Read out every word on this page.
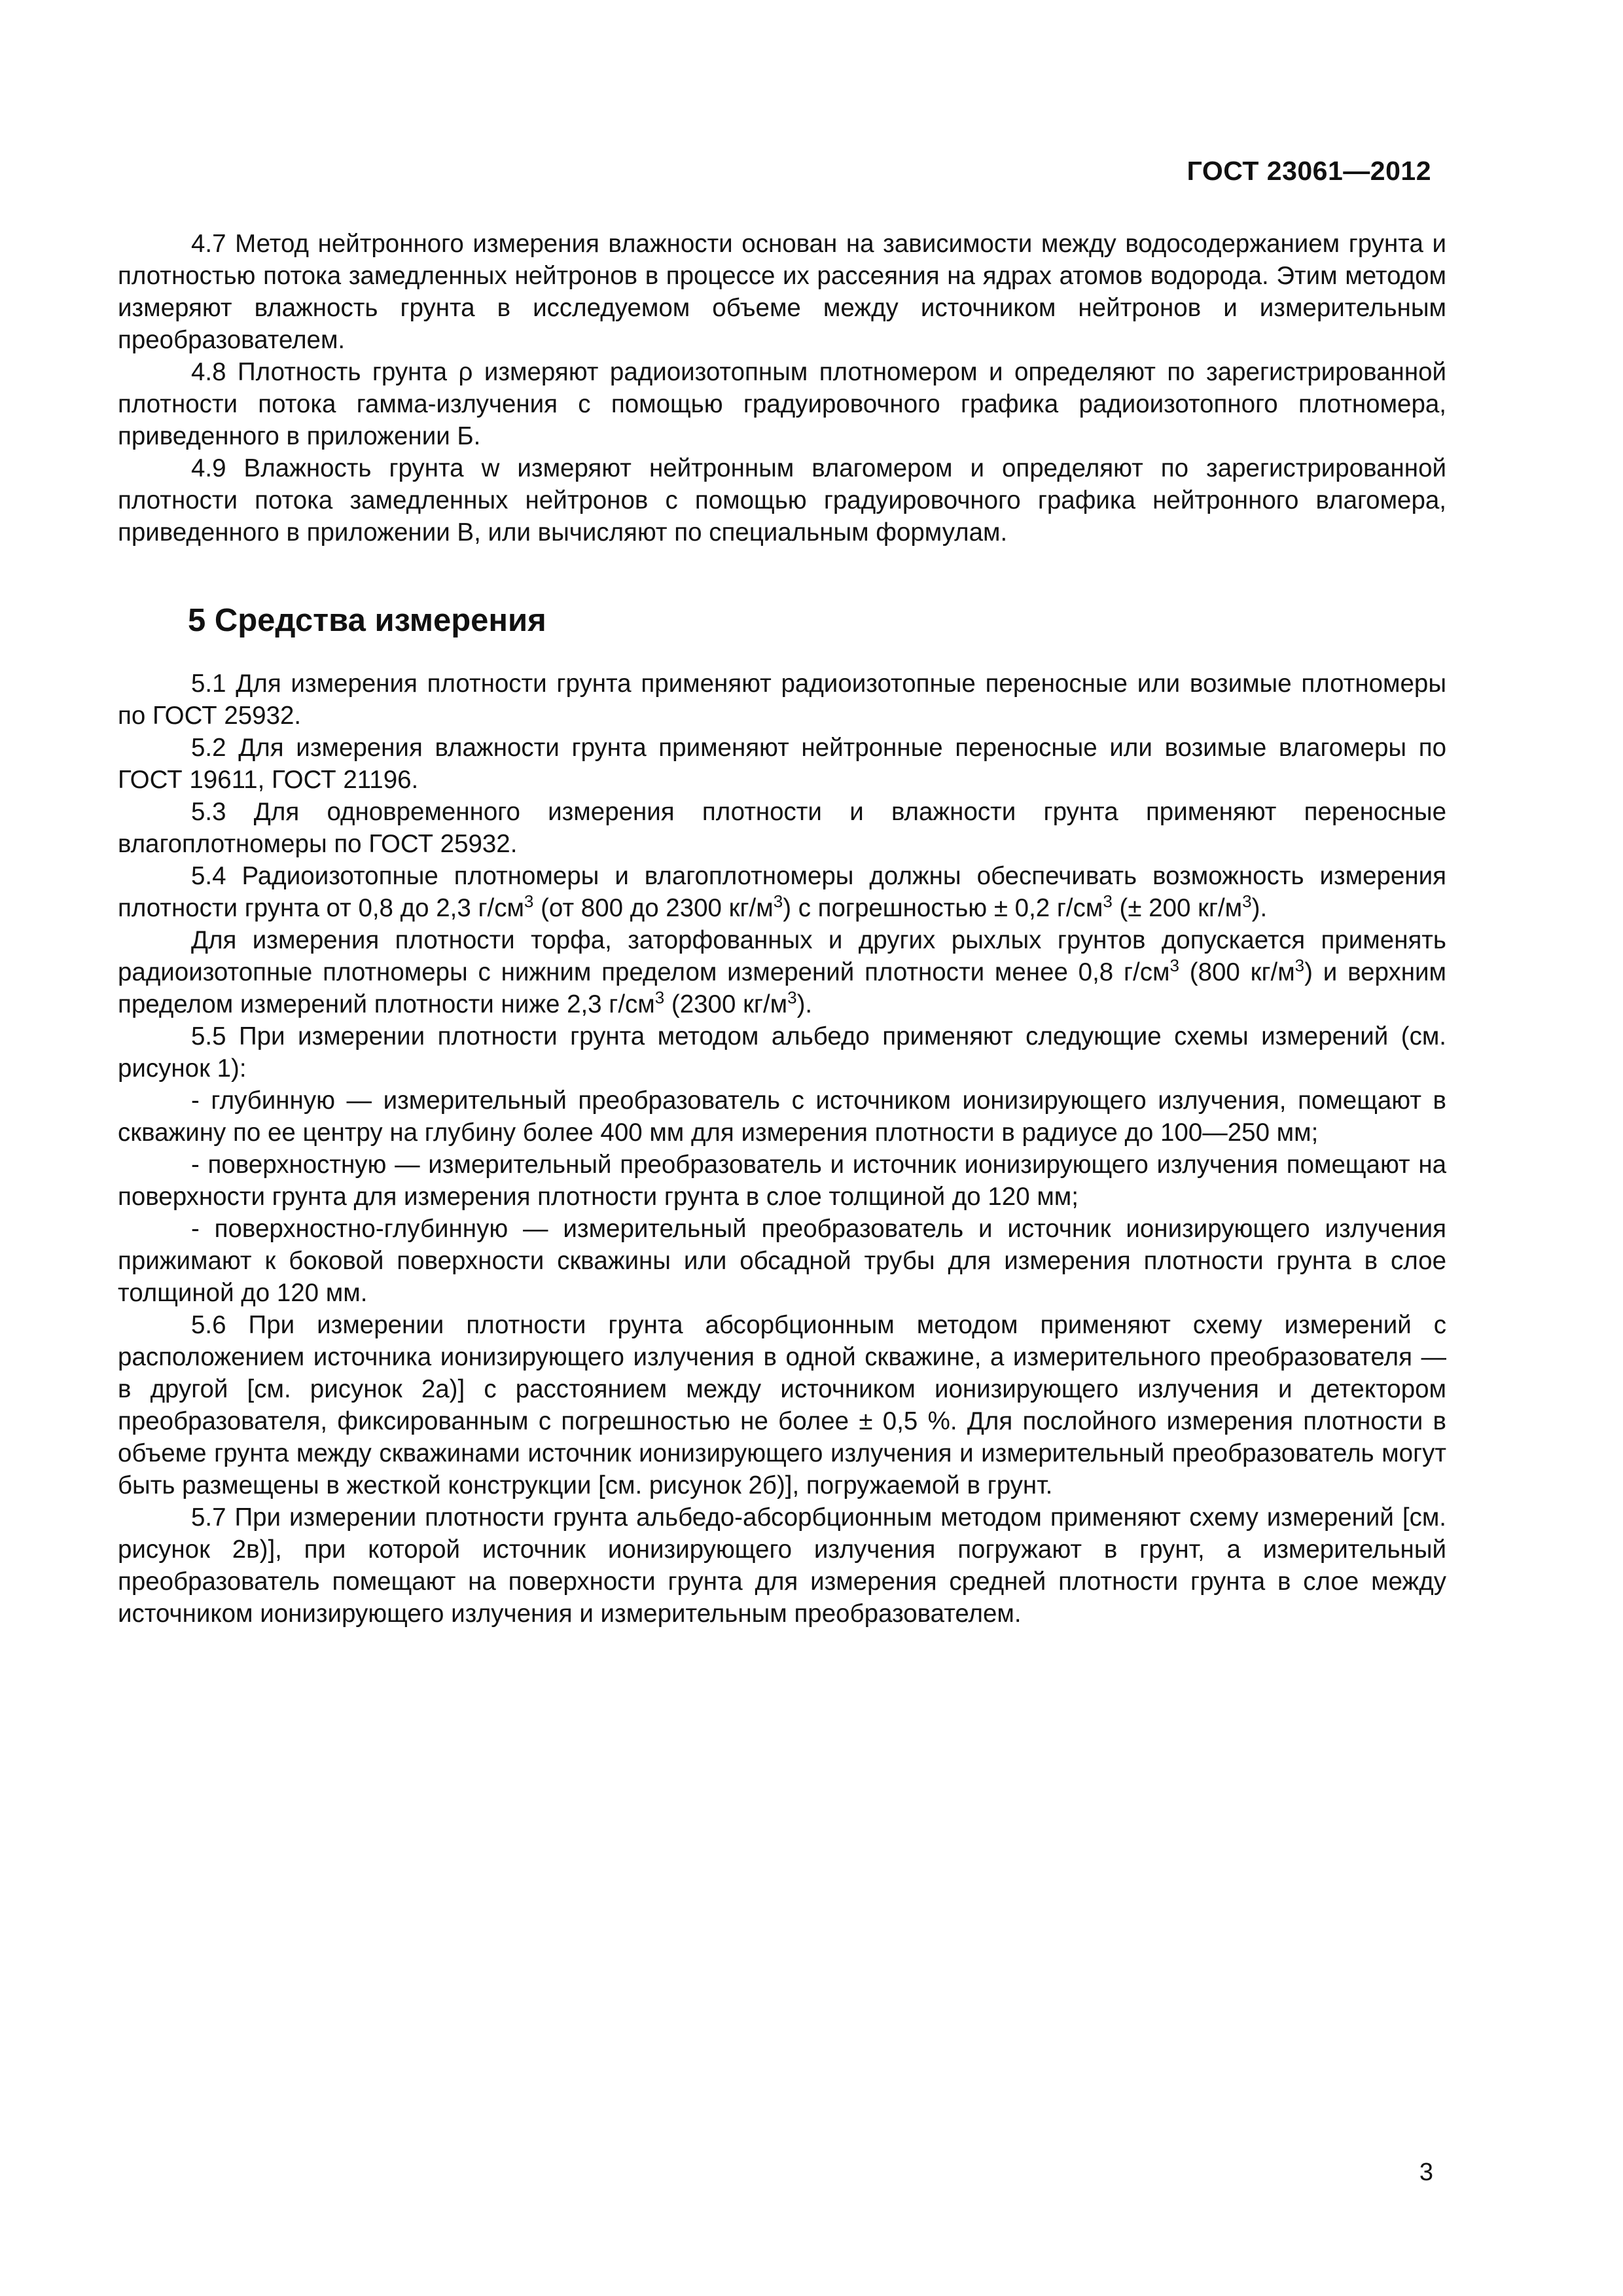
ГОСТ 23061—2012

4.7 Метод нейтронного измерения влажности основан на зависимости между водосодержанием грунта и плотностью потока замедленных нейтронов в процессе их рассеяния на ядрах атомов водорода. Этим методом измеряют влажность грунта в исследуемом объеме между источником нейтронов и измерительным преобразователем.

4.8 Плотность грунта ρ измеряют радиоизотопным плотномером и определяют по зарегистрированной плотности потока гамма-излучения с помощью градуировочного графика радиоизотопного плотномера, приведенного в приложении Б.

4.9 Влажность грунта w измеряют нейтронным влагомером и определяют по зарегистрированной плотности потока замедленных нейтронов с помощью градуировочного графика нейтронного влагомера, приведенного в приложении В, или вычисляют по специальным формулам.

5 Средства измерения

5.1 Для измерения плотности грунта применяют радиоизотопные переносные или возимые плотномеры по ГОСТ 25932.

5.2 Для измерения влажности грунта применяют нейтронные переносные или возимые влагомеры по ГОСТ 19611, ГОСТ 21196.

5.3 Для одновременного измерения плотности и влажности грунта применяют переносные влагоплотномеры по ГОСТ 25932.

5.4 Радиоизотопные плотномеры и влагоплотномеры должны обеспечивать возможность измерения плотности грунта от 0,8 до 2,3 $г/см^3$ (от 800 до 2300 $кг/м^3$) с погрешностью ± 0,2 $г/см^3$ (± 200 $кг/м^3$).

Для измерения плотности торфа, заторфованных и других рыхлых грунтов допускается применять радиоизотопные плотномеры с нижним пределом измерений плотности менее 0,8 $г/см^3$ (800 $кг/м^3$) и верхним пределом измерений плотности ниже 2,3 $г/см^3$ (2300 $кг/м^3$).

5.5 При измерении плотности грунта методом альбедо применяют следующие схемы измерений (см. рисунок 1):

- глубинную — измерительный преобразователь с источником ионизирующего излучения, помещают в скважину по ее центру на глубину более 400 мм для измерения плотности в радиусе до 100—250 мм;

- поверхностную — измерительный преобразователь и источник ионизирующего излучения помещают на поверхности грунта для измерения плотности грунта в слое толщиной до 120 мм;

- поверхностно-глубинную — измерительный преобразователь и источник ионизирующего излучения прижимают к боковой поверхности скважины или обсадной трубы для измерения плотности грунта в слое толщиной до 120 мм.

5.6 При измерении плотности грунта абсорбционным методом применяют схему измерений с расположением источника ионизирующего излучения в одной скважине, а измерительного преобразователя — в другой [см. рисунок 2а)] с расстоянием между источником ионизирующего излучения и детектором преобразователя, фиксированным с погрешностью не более ± 0,5 %. Для послойного измерения плотности в объеме грунта между скважинами источник ионизирующего излучения и измерительный преобразователь могут быть размещены в жесткой конструкции [см. рисунок 2б)], погружаемой в грунт.

5.7 При измерении плотности грунта альбедо-абсорбционным методом применяют схему измерений [см. рисунок 2в)], при которой источник ионизирующего излучения погружают в грунт, а измерительный преобразователь помещают на поверхности грунта для измерения средней плотности грунта в слое между источником ионизирующего излучения и измерительным преобразователем.

3
